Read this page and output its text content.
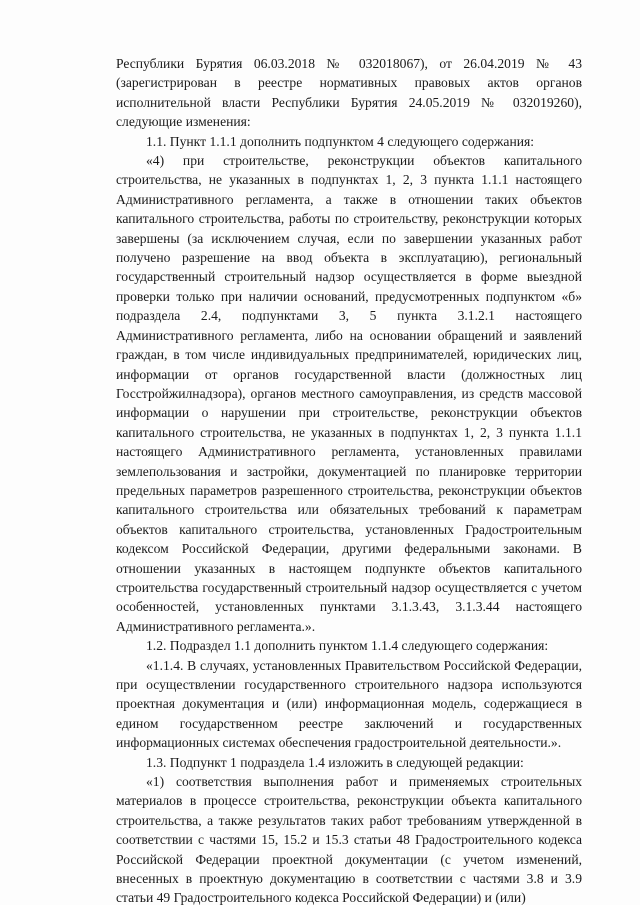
Республики Бурятия 06.03.2018 № 032018067), от 26.04.2019 № 43 (зарегистрирован в реестре нормативных правовых актов органов исполнительной власти Республики Бурятия 24.05.2019 № 032019260), следующие изменения:

1.1. Пункт 1.1.1 дополнить подпунктом 4 следующего содержания:

«4) при строительстве, реконструкции объектов капитального строительства, не указанных в подпунктах 1, 2, 3 пункта 1.1.1 настоящего Административного регламента, а также в отношении таких объектов капитального строительства, работы по строительству, реконструкции которых завершены (за исключением случая, если по завершении указанных работ получено разрешение на ввод объекта в эксплуатацию), региональный государственный строительный надзор осуществляется в форме выездной проверки только при наличии оснований, предусмотренных подпунктом «б» подраздела 2.4, подпунктами 3, 5 пункта 3.1.2.1 настоящего Административного регламента, либо на основании обращений и заявлений граждан, в том числе индивидуальных предпринимателей, юридических лиц, информации от органов государственной власти (должностных лиц Госстройжилнадзора), органов местного самоуправления, из средств массовой информации о нарушении при строительстве, реконструкции объектов капитального строительства, не указанных в подпунктах 1, 2, 3 пункта 1.1.1 настоящего Административного регламента, установленных правилами землепользования и застройки, документацией по планировке территории предельных параметров разрешенного строительства, реконструкции объектов капитального строительства или обязательных требований к параметрам объектов капитального строительства, установленных Градостроительным кодексом Российской Федерации, другими федеральными законами. В отношении указанных в настоящем подпункте объектов капитального строительства государственный строительный надзор осуществляется с учетом особенностей, установленных пунктами 3.1.3.43, 3.1.3.44 настоящего Административного регламента.».

1.2. Подраздел 1.1 дополнить пунктом 1.1.4 следующего содержания:

«1.1.4. В случаях, установленных Правительством Российской Федерации, при осуществлении государственного строительного надзора используются проектная документация и (или) информационная модель, содержащиеся в едином государственном реестре заключений и государственных информационных системах обеспечения градостроительной деятельности.».

1.3. Подпункт 1 подраздела 1.4 изложить в следующей редакции:

«1) соответствия выполнения работ и применяемых строительных материалов в процессе строительства, реконструкции объекта капитального строительства, а также результатов таких работ требованиям утвержденной в соответствии с частями 15, 15.2 и 15.3 статьи 48 Градостроительного кодекса Российской Федерации проектной документации (с учетом изменений, внесенных в проектную документацию в соответствии с частями 3.8 и 3.9 статьи 49 Градостроительного кодекса Российской Федерации) и (или)
